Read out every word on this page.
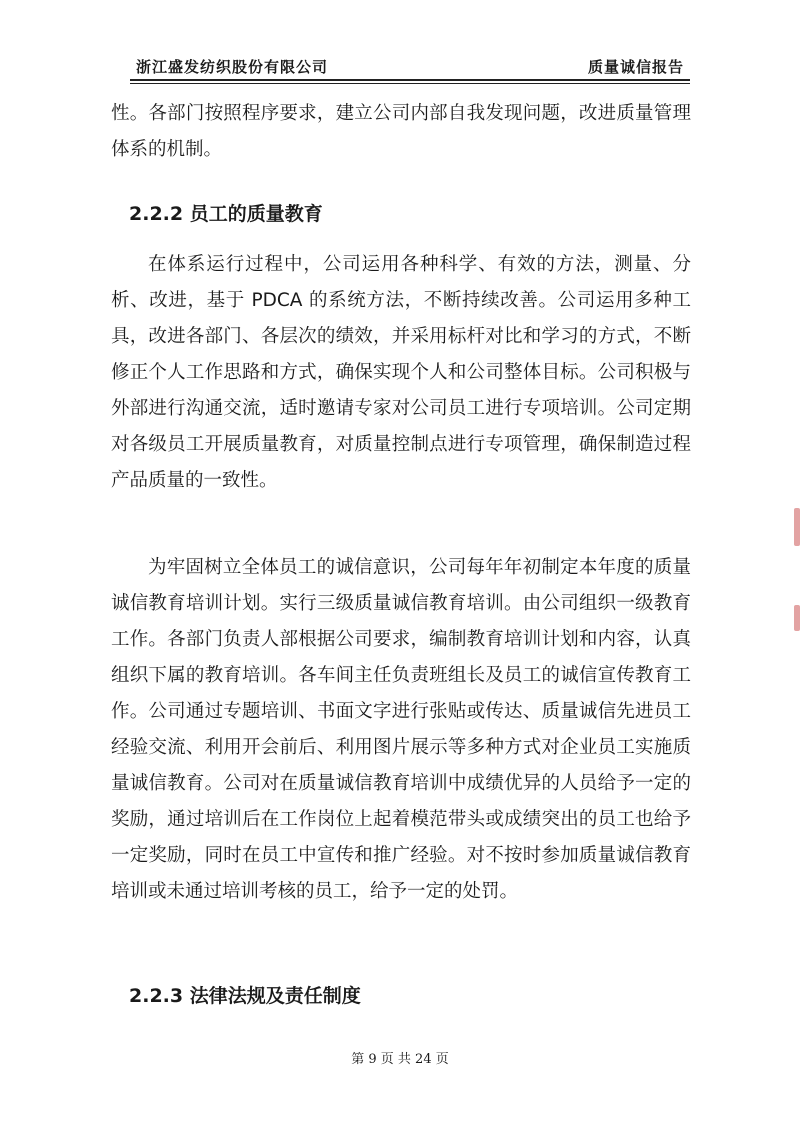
浙江盛发纺织股份有限公司	质量诚信报告

性。各部门按照程序要求，建立公司内部自我发现问题，改进质量管理体系的机制。

2.2.2 员工的质量教育

在体系运行过程中，公司运用各种科学、有效的方法，测量、分析、改进，基于 PDCA 的系统方法，不断持续改善。公司运用多种工具，改进各部门、各层次的绩效，并采用标杆对比和学习的方式，不断修正个人工作思路和方式，确保实现个人和公司整体目标。公司积极与外部进行沟通交流，适时邀请专家对公司员工进行专项培训。公司定期对各级员工开展质量教育，对质量控制点进行专项管理，确保制造过程产品质量的一致性。

为牢固树立全体员工的诚信意识，公司每年年初制定本年度的质量诚信教育培训计划。实行三级质量诚信教育培训。由公司组织一级教育工作。各部门负责人部根据公司要求，编制教育培训计划和内容，认真组织下属的教育培训。各车间主任负责班组长及员工的诚信宣传教育工作。公司通过专题培训、书面文字进行张贴或传达、质量诚信先进员工经验交流、利用开会前后、利用图片展示等多种方式对企业员工实施质量诚信教育。公司对在质量诚信教育培训中成绩优异的人员给予一定的奖励，通过培训后在工作岗位上起着模范带头或成绩突出的员工也给予一定奖励，同时在员工中宣传和推广经验。对不按时参加质量诚信教育培训或未通过培训考核的员工，给予一定的处罚。

2.2.3 法律法规及责任制度
第 9 页 共 24 页
